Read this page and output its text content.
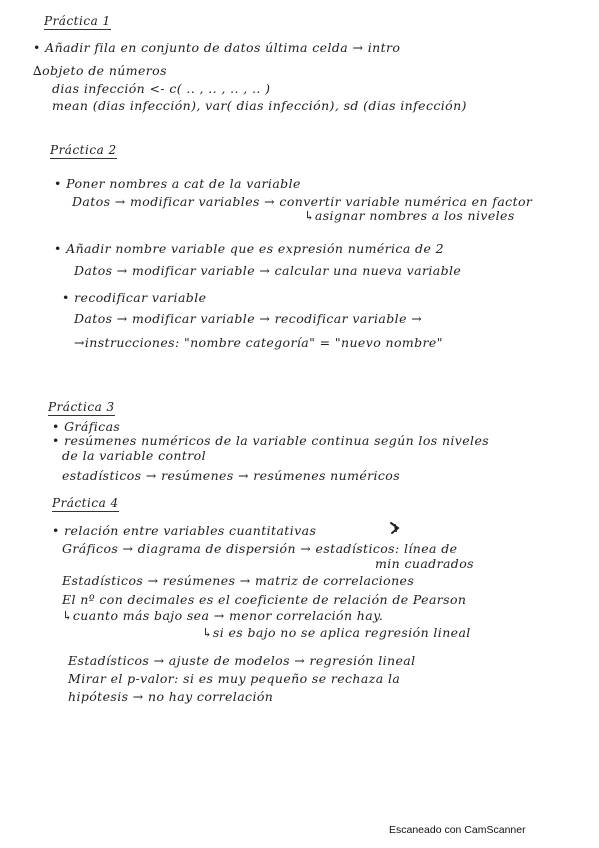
Práctica 1
• Añadir fila en conjunto de datos última celda → intro
∆objeto de números
dias infección <- c( .. , .. , .. , .. )
mean (dias infección), var( dias infección), sd (dias infección)
Práctica 2
• Poner nombres a cat de la variable
Datos → modificar variables → convertir variable numérica en factor
↳asignar nombres a los niveles
• Añadir nombre variable que es expresión numérica de 2
Datos → modificar variable → calcular una nueva variable
• recodificar variable
Datos → modificar variable → recodificar variable →
→instrucciones: "nombre categoría" = "nuevo nombre"
Práctica 3
• Gráficas
• resúmenes numéricos de la variable continua según los niveles
de la variable control
estadísticos → resúmenes → resúmenes numéricos
Práctica 4
• relación entre variables cuantitativas
Gráficos → diagrama de dispersión → estadísticos: línea de
min cuadrados
Estadísticos → resúmenes → matriz de correlaciones
El nº con decimales es el coeficiente de relación de Pearson
↳cuanto más bajo sea → menor correlación hay.
↳si es bajo no se aplica regresión lineal
Estadísticos → ajuste de modelos → regresión lineal
Mirar el p-valor: si es muy pequeño se rechaza la
hipótesis → no hay correlación
Escaneado con CamScanner
